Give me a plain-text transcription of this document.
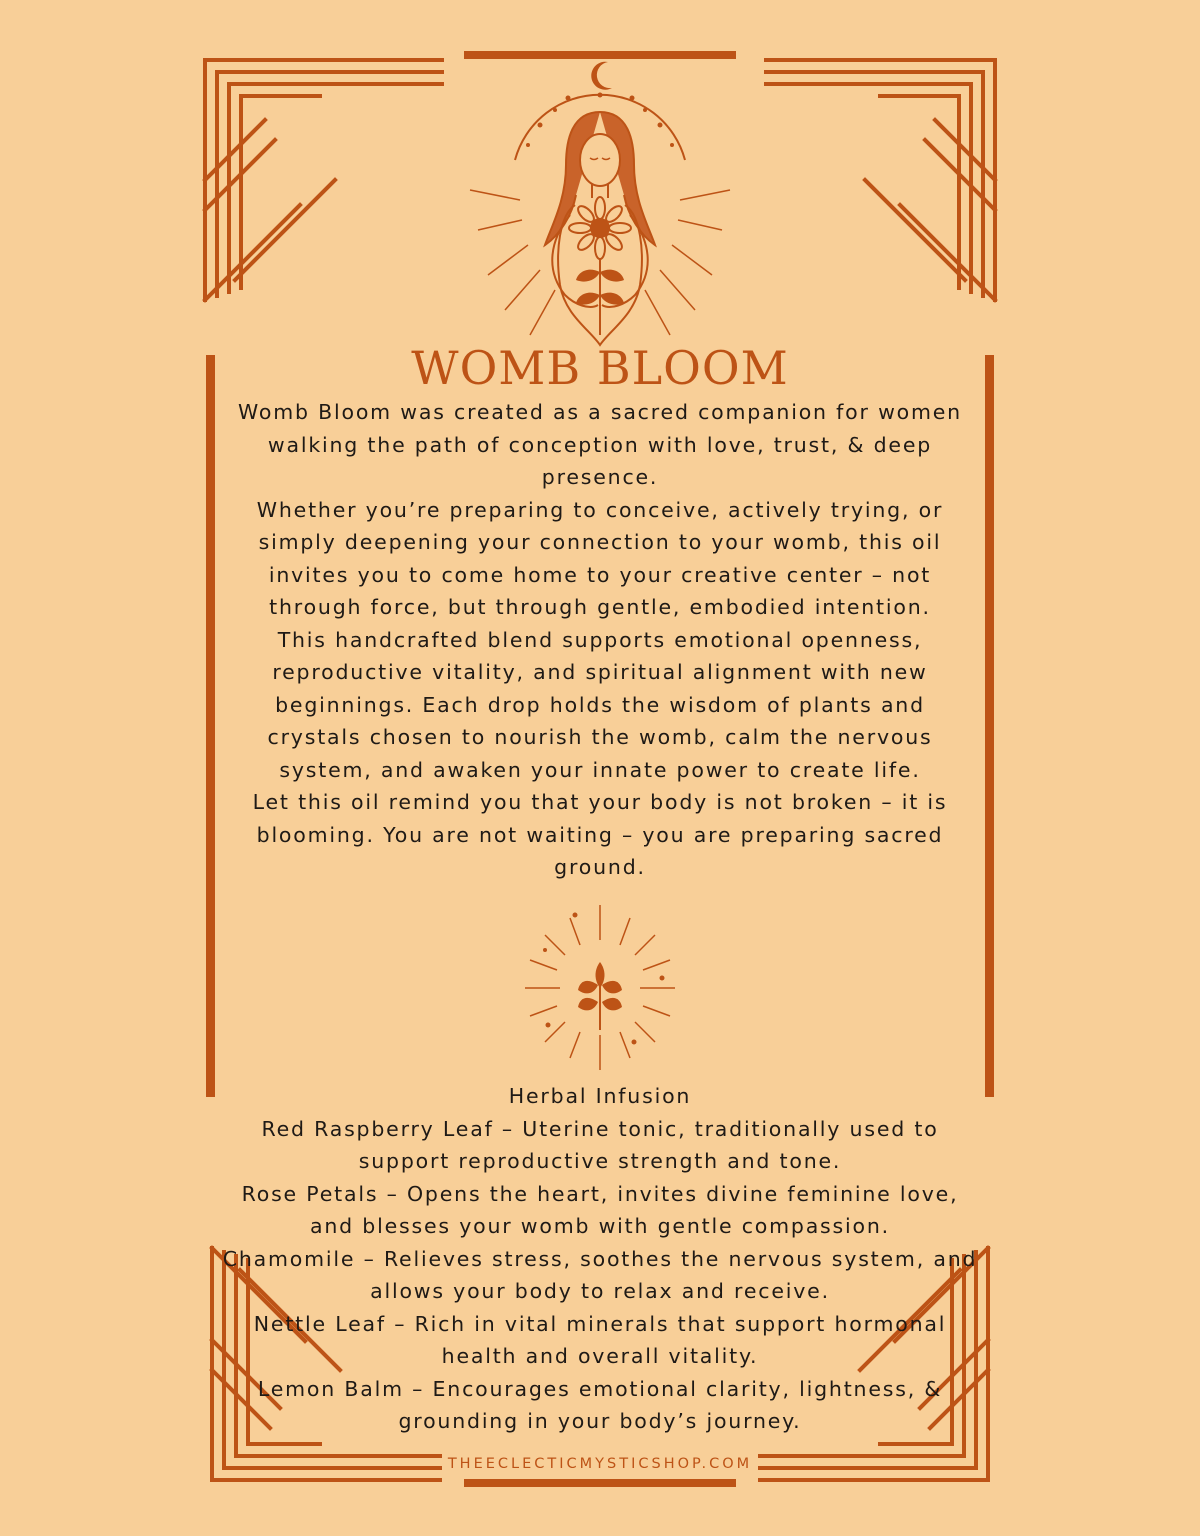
WOMB BLOOM

Womb Bloom was created as a sacred companion for women walking the path of conception with love, trust, & deep presence.

Whether you’re preparing to conceive, actively trying, or simply deepening your connection to your womb, this oil invites you to come home to your creative center – not through force, but through gentle, embodied intention.

This handcrafted blend supports emotional openness, reproductive vitality, and spiritual alignment with new beginnings. Each drop holds the wisdom of plants and crystals chosen to nourish the womb, calm the nervous system, and awaken your innate power to create life.

Let this oil remind you that your body is not broken – it is blooming. You are not waiting – you are preparing sacred ground.

Herbal Infusion

Red Raspberry Leaf – Uterine tonic, traditionally used to support reproductive strength and tone.

Rose Petals – Opens the heart, invites divine feminine love, and blesses your womb with gentle compassion.

Chamomile – Relieves stress, soothes the nervous system, and allows your body to relax and receive.

Nettle Leaf – Rich in vital minerals that support hormonal health and overall vitality.

Lemon Balm – Encourages emotional clarity, lightness, & grounding in your body’s journey.

THEECLECTICMYSTICSHOP.COM
